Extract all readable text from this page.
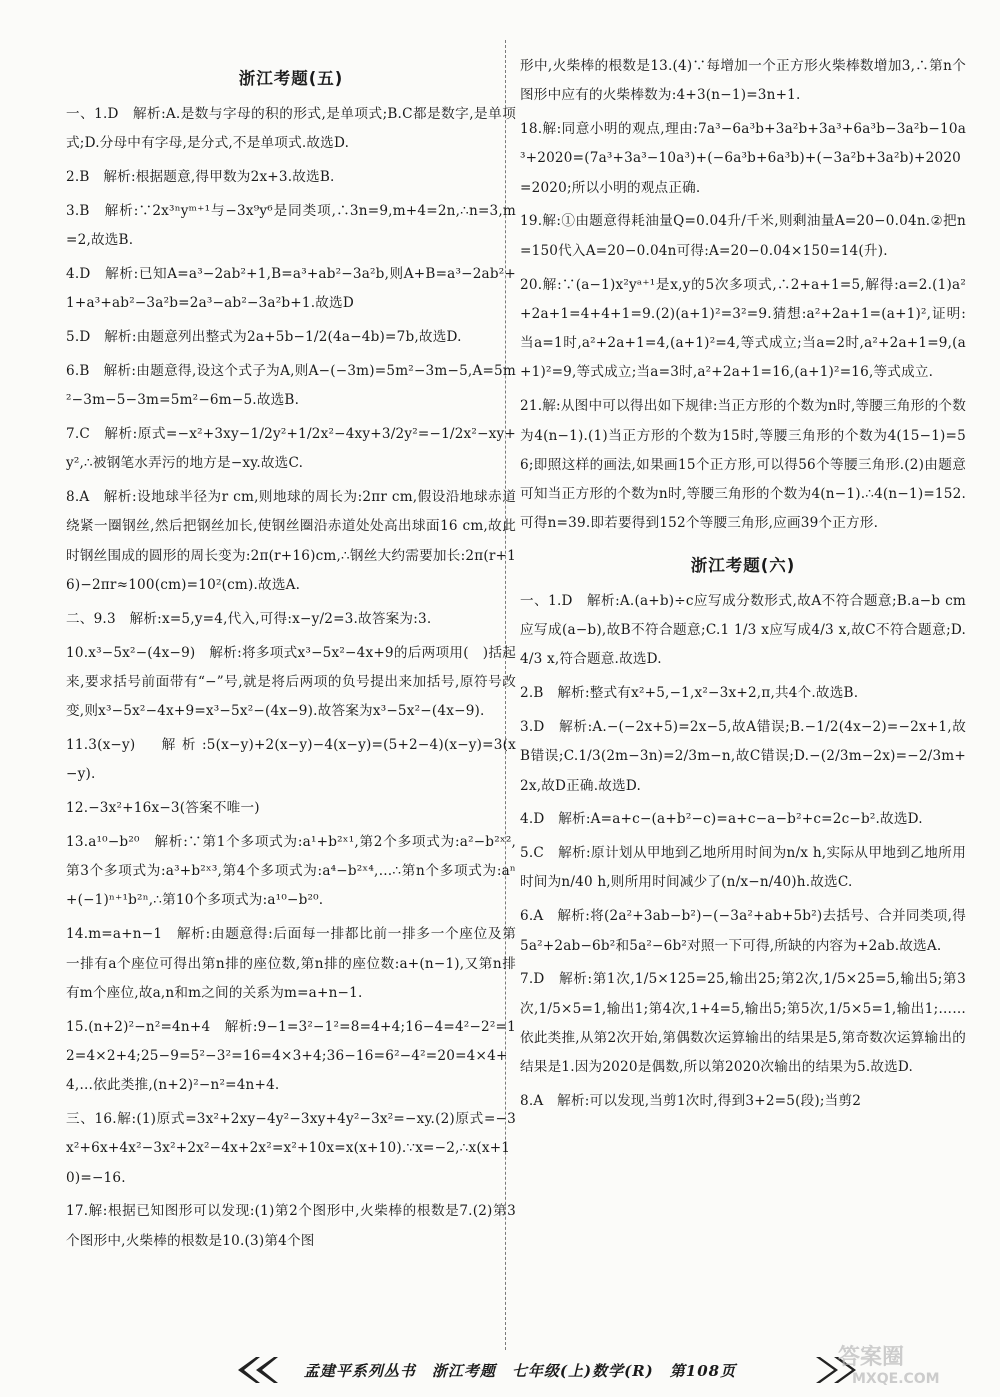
浙江考题(五)

一、1.D　解析:A.是数与字母的积的形式,是单项式;B.C都是数字,是单项式;D.分母中有字母,是分式,不是单项式.故选D.

2.B　解析:根据题意,得甲数为2x+3.故选B.

3.B　解析:∵2x³ⁿyᵐ⁺¹与−3x⁹y⁶是同类项,∴3n=9,m+4=2n,∴n=3,m=2,故选B.

4.D　解析:已知A=a³−2ab²+1,B=a³+ab²−3a²b,则A+B=a³−2ab²+1+a³+ab²−3a²b=2a³−ab²−3a²b+1.故选D

5.D　解析:由题意列出整式为2a+5b−1/2(4a−4b)=7b,故选D.

6.B　解析:由题意得,设这个式子为A,则A−(−3m)=5m²−3m−5,A=5m²−3m−5−3m=5m²−6m−5.故选B.

7.C　解析:原式=−x²+3xy−1/2y²+1/2x²−4xy+3/2y²=−1/2x²−xy+y²,∴被钢笔水弄污的地方是−xy.故选C.

8.A　解析:设地球半径为r cm,则地球的周长为:2πr cm,假设沿地球赤道绕紧一圈钢丝,然后把钢丝加长,使钢丝圈沿赤道处处高出球面16 cm,故此时钢丝围成的圆形的周长变为:2π(r+16)cm,∴钢丝大约需要加长:2π(r+16)−2πr≈100(cm)=10²(cm).故选A.

二、9.3　解析:x=5,y=4,代入,可得:x−y/2=3.故答案为:3.

10.x³−5x²−(4x−9)　解析:将多项式x³−5x²−4x+9的后两项用(　)括起来,要求括号前面带有“−”号,就是将后两项的负号提出来加括号,原符号改变,则x³−5x²−4x+9=x³−5x²−(4x−9).故答案为x³−5x²−(4x−9).

11.3(x−y)　解析:5(x−y)+2(x−y)−4(x−y)=(5+2−4)(x−y)=3(x−y).

12.−3x²+16x−3(答案不唯一)

13.a¹⁰−b²⁰　解析:∵第1个多项式为:a¹+b²ˣ¹,第2个多项式为:a²−b²ˣ²,第3个多项式为:a³+b²ˣ³,第4个多项式为:a⁴−b²ˣ⁴,…∴第n个多项式为:aⁿ+(−1)ⁿ⁺¹b²ⁿ,∴第10个多项式为:a¹⁰−b²⁰.

14.m=a+n−1　解析:由题意得:后面每一排都比前一排多一个座位及第一排有a个座位可得出第n排的座位数,第n排的座位数:a+(n−1),又第n排有m个座位,故a,n和m之间的关系为m=a+n−1.

15.(n+2)²−n²=4n+4　解析:9−1=3²−1²=8=4+4;16−4=4²−2²=12=4×2+4;25−9=5²−3²=16=4×3+4;36−16=6²−4²=20=4×4+4,…依此类推,(n+2)²−n²=4n+4.

三、16.解:(1)原式=3x²+2xy−4y²−3xy+4y²−3x²=−xy.(2)原式=−3x²+6x+4x²−3x²+2x²−4x+2x²=x²+10x=x(x+10).∵x=−2,∴x(x+10)=−16.

17.解:根据已知图形可以发现:(1)第2个图形中,火柴棒的根数是7.(2)第3个图形中,火柴棒的根数是10.(3)第4个图

形中,火柴棒的根数是13.(4)∵每增加一个正方形火柴棒数增加3,∴第n个图形中应有的火柴棒数为:4+3(n−1)=3n+1.

18.解:同意小明的观点,理由:7a³−6a³b+3a²b+3a³+6a³b−3a²b−10a³+2020=(7a³+3a³−10a³)+(−6a³b+6a³b)+(−3a²b+3a²b)+2020=2020;所以小明的观点正确.

19.解:①由题意得耗油量Q=0.04升/千米,则剩油量A=20−0.04n.②把n=150代入A=20−0.04n可得:A=20−0.04×150=14(升).

20.解:∵(a−1)x²yᵃ⁺¹是x,y的5次多项式,∴2+a+1=5,解得:a=2.(1)a²+2a+1=4+4+1=9.(2)(a+1)²=3²=9.猜想:a²+2a+1=(a+1)²,证明:当a=1时,a²+2a+1=4,(a+1)²=4,等式成立;当a=2时,a²+2a+1=9,(a+1)²=9,等式成立;当a=3时,a²+2a+1=16,(a+1)²=16,等式成立.

21.解:从图中可以得出如下规律:当正方形的个数为n时,等腰三角形的个数为4(n−1).(1)当正方形的个数为15时,等腰三角形的个数为4(15−1)=56;即照这样的画法,如果画15个正方形,可以得56个等腰三角形.(2)由题意可知当正方形的个数为n时,等腰三角形的个数为4(n−1).∴4(n−1)=152.可得n=39.即若要得到152个等腰三角形,应画39个正方形.

浙江考题(六)

一、1.D　解析:A.(a+b)÷c应写成分数形式,故A不符合题意;B.a−b cm应写成(a−b),故B不符合题意;C.1 1/3 x应写成4/3 x,故C不符合题意;D.4/3 x,符合题意.故选D.

2.B　解析:整式有x²+5,−1,x²−3x+2,π,共4个.故选B.

3.D　解析:A.−(−2x+5)=2x−5,故A错误;B.−1/2(4x−2)=−2x+1,故B错误;C.1/3(2m−3n)=2/3m−n,故C错误;D.−(2/3m−2x)=−2/3m+2x,故D正确.故选D.

4.D　解析:A=a+c−(a+b²−c)=a+c−a−b²+c=2c−b².故选D.

5.C　解析:原计划从甲地到乙地所用时间为n/x h,实际从甲地到乙地所用时间为n/40 h,则所用时间减少了(n/x−n/40)h.故选C.

6.A　解析:将(2a²+3ab−b²)−(−3a²+ab+5b²)去括号、合并同类项,得5a²+2ab−6b²和5a²−6b²对照一下可得,所缺的内容为+2ab.故选A.

7.D　解析:第1次,1/5×125=25,输出25;第2次,1/5×25=5,输出5;第3次,1/5×5=1,输出1;第4次,1+4=5,输出5;第5次,1/5×5=1,输出1;……依此类推,从第2次开始,第偶数次运算输出的结果是5,第奇数次运算输出的结果是1.因为2020是偶数,所以第2020次输出的结果为5.故选D.

8.A　解析:可以发现,当剪1次时,得到3+2=5(段);当剪2

孟建平系列丛书　浙江考题　七年级(上)数学(R)　第108页
答案圈
MXQE.COM
